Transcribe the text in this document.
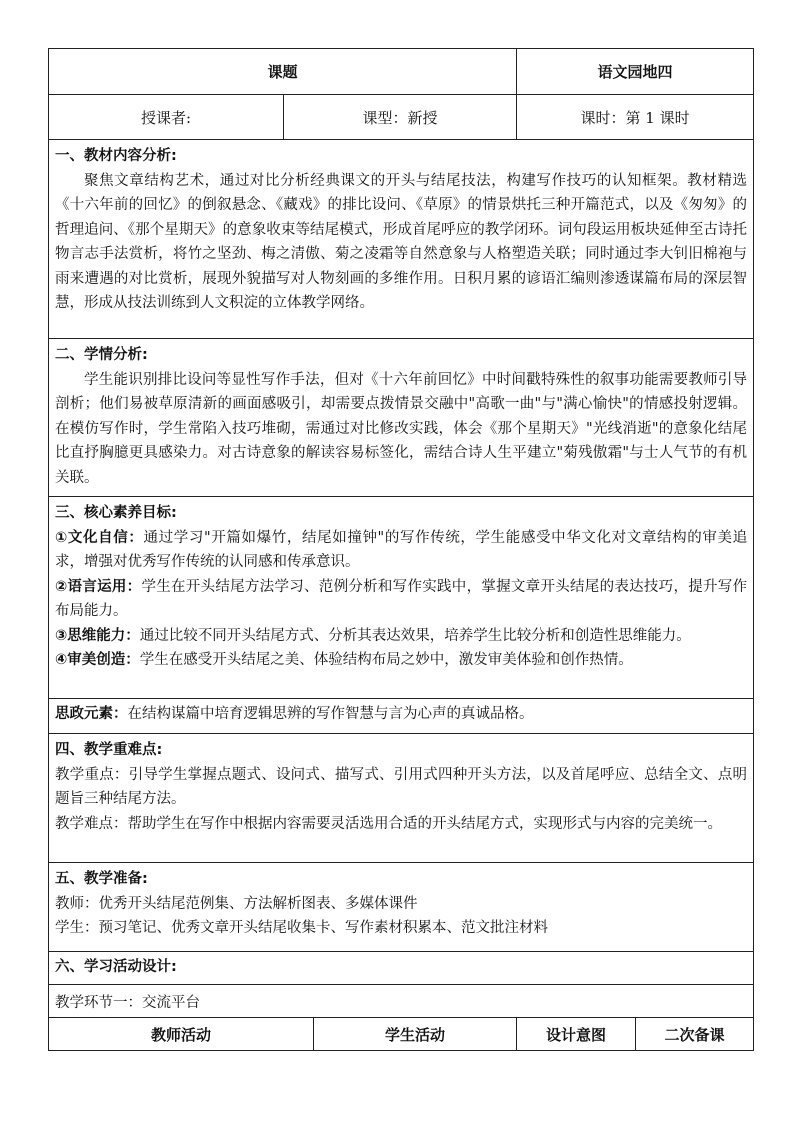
课题			语文园地四	
授课者:	课型：新授		课时：第 1 课时	

一、教材内容分析:

聚焦文章结构艺术，通过对比分析经典课文的开头与结尾技法，构建写作技巧的认知框架。教材精选《十六年前的回忆》的倒叙悬念、《藏戏》的排比设问、《草原》的情景烘托三种开篇范式，以及《匆匆》的哲理追问、《那个星期天》的意象收束等结尾模式，形成首尾呼应的教学闭环。词句段运用板块延伸至古诗托物言志手法赏析，将竹之坚劲、梅之清傲、菊之凌霜等自然意象与人格塑造关联；同时通过李大钊旧棉袍与雨来遭遇的对比赏析，展现外貌描写对人物刻画的多维作用。日积月累的谚语汇编则渗透谋篇布局的深层智慧，形成从技法训练到人文积淀的立体教学网络。				

二、学情分析:

学生能识别排比设问等显性写作手法，但对《十六年前回忆》中时间戳特殊性的叙事功能需要教师引导剖析；他们易被草原清新的画面感吸引，却需要点拨情景交融中"高歌一曲"与"满心愉快"的情感投射逻辑。在模仿写作时，学生常陷入技巧堆砌，需通过对比修改实践，体会《那个星期天》"光线消逝"的意象化结尾比直抒胸臆更具感染力。对古诗意象的解读容易标签化，需结合诗人生平建立"菊残傲霜"与士人气节的有机关联。				

三、核心素养目标:

①文化自信：通过学习"开篇如爆竹，结尾如撞钟"的写作传统，学生能感受中华文化对文章结构的审美追求，增强对优秀写作传统的认同感和传承意识。

②语言运用：学生在开头结尾方法学习、范例分析和写作实践中，掌握文章开头结尾的表达技巧，提升写作布局能力。

③思维能力：通过比较不同开头结尾方式、分析其表达效果，培养学生比较分析和创造性思维能力。

④审美创造：学生在感受开头结尾之美、体验结构布局之妙中，激发审美体验和创作热情。				

思政元素：在结构谋篇中培育逻辑思辨的写作智慧与言为心声的真诚品格。				

四、教学重难点:

教学重点：引导学生掌握点题式、设问式、描写式、引用式四种开头方法，以及首尾呼应、总结全文、点明题旨三种结尾方法。

教学难点：帮助学生在写作中根据内容需要灵活选用合适的开头结尾方式，实现形式与内容的完美统一。				

五、教学准备:

教师：优秀开头结尾范例集、方法解析图表、多媒体课件

学生：预习笔记、优秀文章开头结尾收集卡、写作素材积累本、范文批注材料				

六、学习活动设计:				

教学环节一：交流平台				
教师活动		学生活动	设计意图	二次备课
